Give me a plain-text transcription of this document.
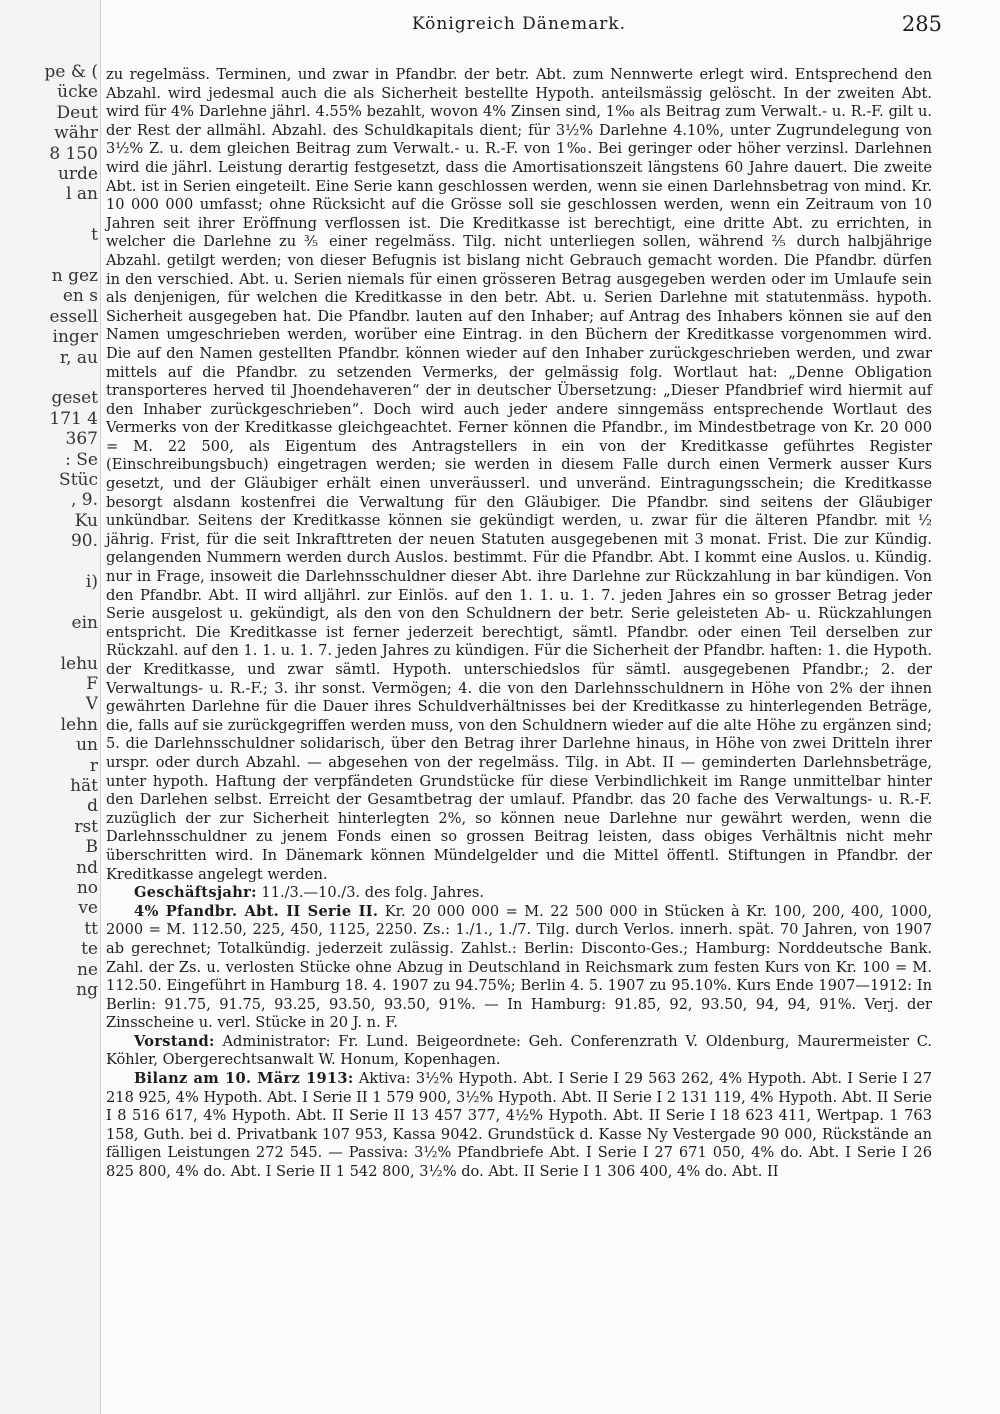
pe & (
ücke
Deut
währ
8 150
urde
l an
t
n gez
en s
essell
inger
r, au
geset
171 4
367
: Se
Stüc
, 9.
Ku
90.
i)
ein
lehu
F
V
lehn
un
r
hät
d
rst
B
nd
no
ve
tt
te
ne
ng
Königreich Dänemark.	285

zu regelmäss. Terminen, und zwar in Pfandbr. der betr. Abt. zum Nennwerte erlegt wird. Entsprechend den Abzahl. wird jedesmal auch die als Sicherheit bestellte Hypoth. anteilsmässig gelöscht. In der zweiten Abt. wird für 4% Darlehne jährl. 4.55% bezahlt, wovon 4% Zinsen sind, 1‰ als Beitrag zum Verwalt.- u. R.-F. gilt u. der Rest der allmähl. Abzahl. des Schuldkapitals dient; für 3½% Darlehne 4.10%, unter Zugrundelegung von 3½% Z. u. dem gleichen Beitrag zum Verwalt.- u. R.-F. von 1‰. Bei geringer oder höher verzinsl. Darlehnen wird die jährl. Leistung derartig festgesetzt, dass die Amortisationszeit längstens 60 Jahre dauert. Die zweite Abt. ist in Serien eingeteilt. Eine Serie kann geschlossen werden, wenn sie einen Darlehnsbetrag von mind. Kr. 10 000 000 umfasst; ohne Rücksicht auf die Grösse soll sie geschlossen werden, wenn ein Zeitraum von 10 Jahren seit ihrer Eröffnung verflossen ist. Die Kreditkasse ist berechtigt, eine dritte Abt. zu errichten, in welcher die Darlehne zu ⅗ einer regelmäss. Tilg. nicht unterliegen sollen, während ⅖ durch halbjährige Abzahl. getilgt werden; von dieser Befugnis ist bislang nicht Gebrauch gemacht worden. Die Pfandbr. dürfen in den verschied. Abt. u. Serien niemals für einen grösseren Betrag ausgegeben werden oder im Umlaufe sein als denjenigen, für welchen die Kreditkasse in den betr. Abt. u. Serien Darlehne mit statutenmäss. hypoth. Sicherheit ausgegeben hat. Die Pfandbr. lauten auf den Inhaber; auf Antrag des Inhabers können sie auf den Namen umgeschrieben werden, worüber eine Eintrag. in den Büchern der Kreditkasse vorgenommen wird. Die auf den Namen gestellten Pfandbr. können wieder auf den Inhaber zurückgeschrieben werden, und zwar mittels auf die Pfandbr. zu setzenden Vermerks, der gelmässig folg. Wortlaut hat: „Denne Obligation transporteres herved til Jhoendehaveren“ der in deutscher Übersetzung: „Dieser Pfandbrief wird hiermit auf den Inhaber zurückgeschrieben“. Doch wird auch jeder andere sinngemäss entsprechende Wortlaut des Vermerks von der Kreditkasse gleichgeachtet. Ferner können die Pfandbr., im Mindestbetrage von Kr. 20 000 = M. 22 500, als Eigentum des Antragstellers in ein von der Kreditkasse geführtes Register (Einschreibungsbuch) eingetragen werden; sie werden in diesem Falle durch einen Vermerk ausser Kurs gesetzt, und der Gläubiger erhält einen unveräusserl. und unveränd. Eintragungsschein; die Kreditkasse besorgt alsdann kostenfrei die Verwaltung für den Gläubiger. Die Pfandbr. sind seitens der Gläubiger unkündbar. Seitens der Kreditkasse können sie gekündigt werden, u. zwar für die älteren Pfandbr. mit ½ jährig. Frist, für die seit Inkrafttreten der neuen Statuten ausgegebenen mit 3 monat. Frist. Die zur Kündig. gelangenden Nummern werden durch Auslos. bestimmt. Für die Pfandbr. Abt. I kommt eine Auslos. u. Kündig. nur in Frage, insoweit die Darlehnsschuldner dieser Abt. ihre Darlehne zur Rückzahlung in bar kündigen. Von den Pfandbr. Abt. II wird alljährl. zur Einlös. auf den 1. 1. u. 1. 7. jeden Jahres ein so grosser Betrag jeder Serie ausgelost u. gekündigt, als den von den Schuldnern der betr. Serie geleisteten Ab- u. Rückzahlungen entspricht. Die Kreditkasse ist ferner jederzeit berechtigt, sämtl. Pfandbr. oder einen Teil derselben zur Rückzahl. auf den 1. 1. u. 1. 7. jeden Jahres zu kündigen. Für die Sicherheit der Pfandbr. haften: 1. die Hypoth. der Kreditkasse, und zwar sämtl. Hypoth. unterschiedslos für sämtl. ausgegebenen Pfandbr.; 2. der Verwaltungs- u. R.-F.; 3. ihr sonst. Vermögen; 4. die von den Darlehnsschuldnern in Höhe von 2% der ihnen gewährten Darlehne für die Dauer ihres Schuldverhältnisses bei der Kreditkasse zu hinterlegenden Beträge, die, falls auf sie zurückgegriffen werden muss, von den Schuldnern wieder auf die alte Höhe zu ergänzen sind; 5. die Darlehnsschuldner solidarisch, über den Betrag ihrer Darlehne hinaus, in Höhe von zwei Dritteln ihrer urspr. oder durch Abzahl. — abgesehen von der regelmäss. Tilg. in Abt. II — geminderten Darlehnsbeträge, unter hypoth. Haftung der verpfändeten Grundstücke für diese Verbindlichkeit im Range unmittelbar hinter den Darlehen selbst. Erreicht der Gesamtbetrag der umlauf. Pfandbr. das 20 fache des Verwaltungs- u. R.-F. zuzüglich der zur Sicherheit hinterlegten 2%, so können neue Darlehne nur gewährt werden, wenn die Darlehnsschuldner zu jenem Fonds einen so grossen Beitrag leisten, dass obiges Verhältnis nicht mehr überschritten wird. In Dänemark können Mündelgelder und die Mittel öffentl. Stiftungen in Pfandbr. der Kreditkasse angelegt werden.

Geschäftsjahr: 11./3.—10./3. des folg. Jahres.

4% Pfandbr. Abt. II Serie II. Kr. 20 000 000 = M. 22 500 000 in Stücken à Kr. 100, 200, 400, 1000, 2000 = M. 112.50, 225, 450, 1125, 2250. Zs.: 1./1., 1./7. Tilg. durch Verlos. innerh. spät. 70 Jahren, von 1907 ab gerechnet; Totalkündig. jederzeit zulässig. Zahlst.: Berlin: Disconto-Ges.; Hamburg: Norddeutsche Bank. Zahl. der Zs. u. verlosten Stücke ohne Abzug in Deutschland in Reichsmark zum festen Kurs von Kr. 100 = M. 112.50. Eingeführt in Hamburg 18. 4. 1907 zu 94.75%; Berlin 4. 5. 1907 zu 95.10%. Kurs Ende 1907—1912: In Berlin: 91.75, 91.75, 93.25, 93.50, 93.50, 91%. — In Hamburg: 91.85, 92, 93.50, 94, 94, 91%. Verj. der Zinsscheine u. verl. Stücke in 20 J. n. F.

Vorstand: Administrator: Fr. Lund. Beigeordnete: Geh. Conferenzrath V. Oldenburg, Maurermeister C. Köhler, Obergerechtsanwalt W. Honum, Kopenhagen.

Bilanz am 10. März 1913: Aktiva: 3½% Hypoth. Abt. I Serie I 29 563 262, 4% Hypoth. Abt. I Serie I 27 218 925, 4% Hypoth. Abt. I Serie II 1 579 900, 3½% Hypoth. Abt. II Serie I 2 131 119, 4% Hypoth. Abt. II Serie I 8 516 617, 4% Hypoth. Abt. II Serie II 13 457 377, 4½% Hypoth. Abt. II Serie I 18 623 411, Wertpap. 1 763 158, Guth. bei d. Privatbank 107 953, Kassa 9042. Grundstück d. Kasse Ny Vestergade 90 000, Rückstände an fälligen Leistungen 272 545. — Passiva: 3½% Pfandbriefe Abt. I Serie I 27 671 050, 4% do. Abt. I Serie I 26 825 800, 4% do. Abt. I Serie II 1 542 800, 3½% do. Abt. II Serie I 1 306 400, 4% do. Abt. II
